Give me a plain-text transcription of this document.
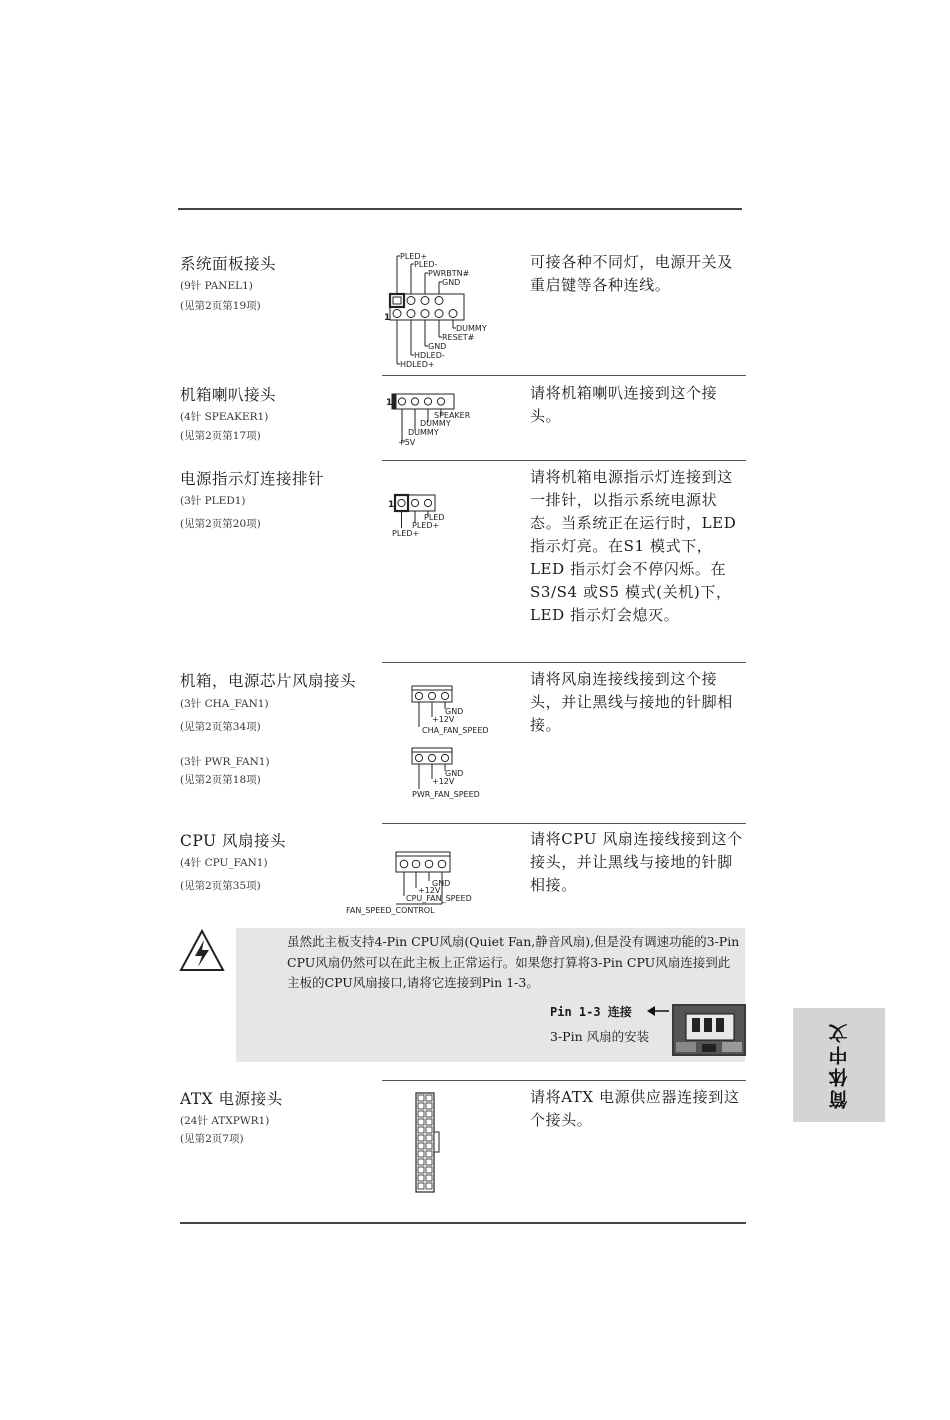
系统面板接头
(9针 PANEL1)
(见第2页第19项)
可接各种不同灯，电源开关及重启键等各种连线。
1
PLED+
PLED-
PWRBTN#
GND
DUMMY
RESET#
GND
HDLED-
HDLED+
机箱喇叭接头
(4针 SPEAKER1)
(见第2页第17项)
请将机箱喇叭连接到这个接头。
1
SPEAKER
DUMMY
DUMMY
+5V
电源指示灯连接排针
(3针 PLED1)
(见第2页第20项)
请将机箱电源指示灯连接到这一排针，以指示系统电源状态。当系统正在运行时，LED 指示灯亮。在S1 模式下，LED 指示灯会不停闪烁。在S3/S4 或S5 模式(关机)下，LED 指示灯会熄灭。
1
PLED
PLED+
PLED+
机箱，电源芯片风扇接头
(3针 CHA_FAN1)
(见第2页第34项)
(3针 PWR_FAN1)
(见第2页第18项)
请将风扇连接线接到这个接头，并让黑线与接地的针脚相接。
GND
+12V
CHA_FAN_SPEED
GND
+12V
PWR_FAN_SPEED
CPU 风扇接头
(4针 CPU_FAN1)
(见第2页第35项)
请将CPU 风扇连接线接到这个接头，并让黑线与接地的针脚相接。
GND
+12V
CPU_FAN_SPEED
FAN_SPEED_CONTROL
虽然此主板支持4-Pin CPU风扇(Quiet Fan,静音风扇),但是没有调速功能的3-Pin CPU风扇仍然可以在此主板上正常运行。如果您打算将3-Pin CPU风扇连接到此主板的CPU风扇接口,请将它连接到Pin 1-3。
Pin 1-3 连接
3-Pin 风扇的安装
ATX 电源接头
(24针 ATXPWR1)
(见第2页7项)
请将ATX 电源供应器连接到这个接头。
简体中文
